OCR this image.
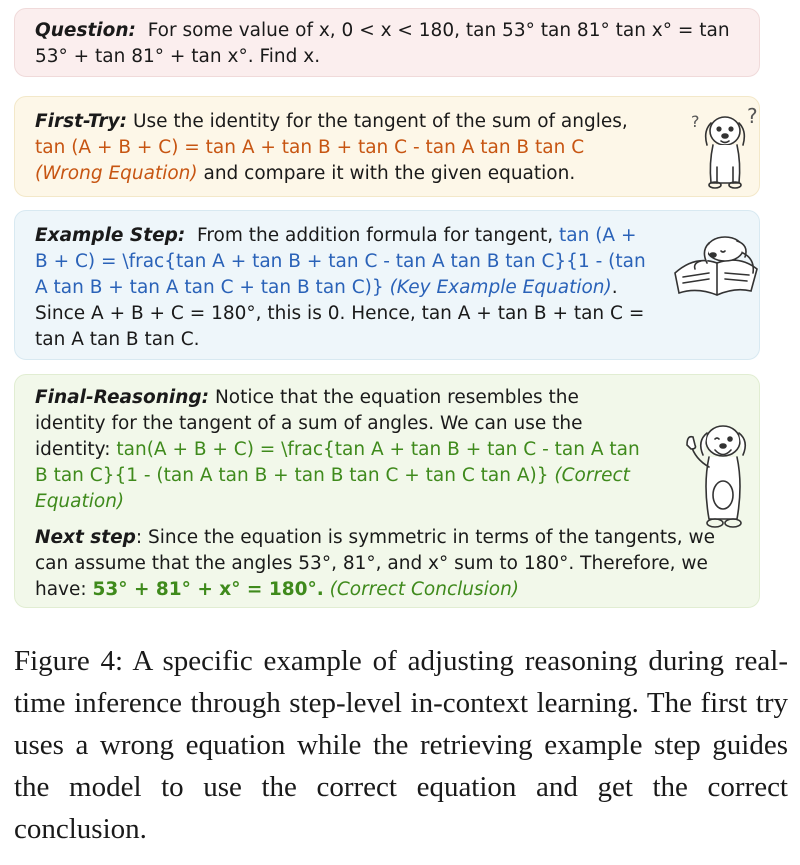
Question: For some value of x, 0 < x < 180, tan 53° tan 81° tan x° = tan 53° + tan 81° + tan x°. Find x.
First-Try: Use the identity for the tangent of the sum of angles, tan (A + B + C) = tan A + tan B + tan C - tan A tan B tan C (Wrong Equation) and compare it with the given equation.
? ?
Example Step: From the addition formula for tangent, tan (A + B + C) = \frac{tan A + tan B + tan C - tan A tan B tan C}{1 - (tan A tan B + tan A tan C + tan B tan C)} (Key Example Equation). Since A + B + C = 180°, this is 0. Hence, tan A + tan B + tan C = tan A tan B tan C.
Final-Reasoning: Notice that the equation resembles the identity for the tangent of a sum of angles. We can use the identity: tan(A + B + C) = \frac{tan A + tan B + tan C - tan A tan B tan C}{1 - (tan A tan B + tan B tan C + tan C tan A)} (Correct Equation)
Next step: Since the equation is symmetric in terms of the tangents, we can assume that the angles 53°, 81°, and x° sum to 180°. Therefore, we have: 53° + 81° + x° = 180°. (Correct Conclusion)
Figure 4: A specific example of adjusting reasoning during real-time inference through step-level in-context learning. The first try uses a wrong equation while the retrieving example step guides the model to use the correct equation and get the correct conclusion.
